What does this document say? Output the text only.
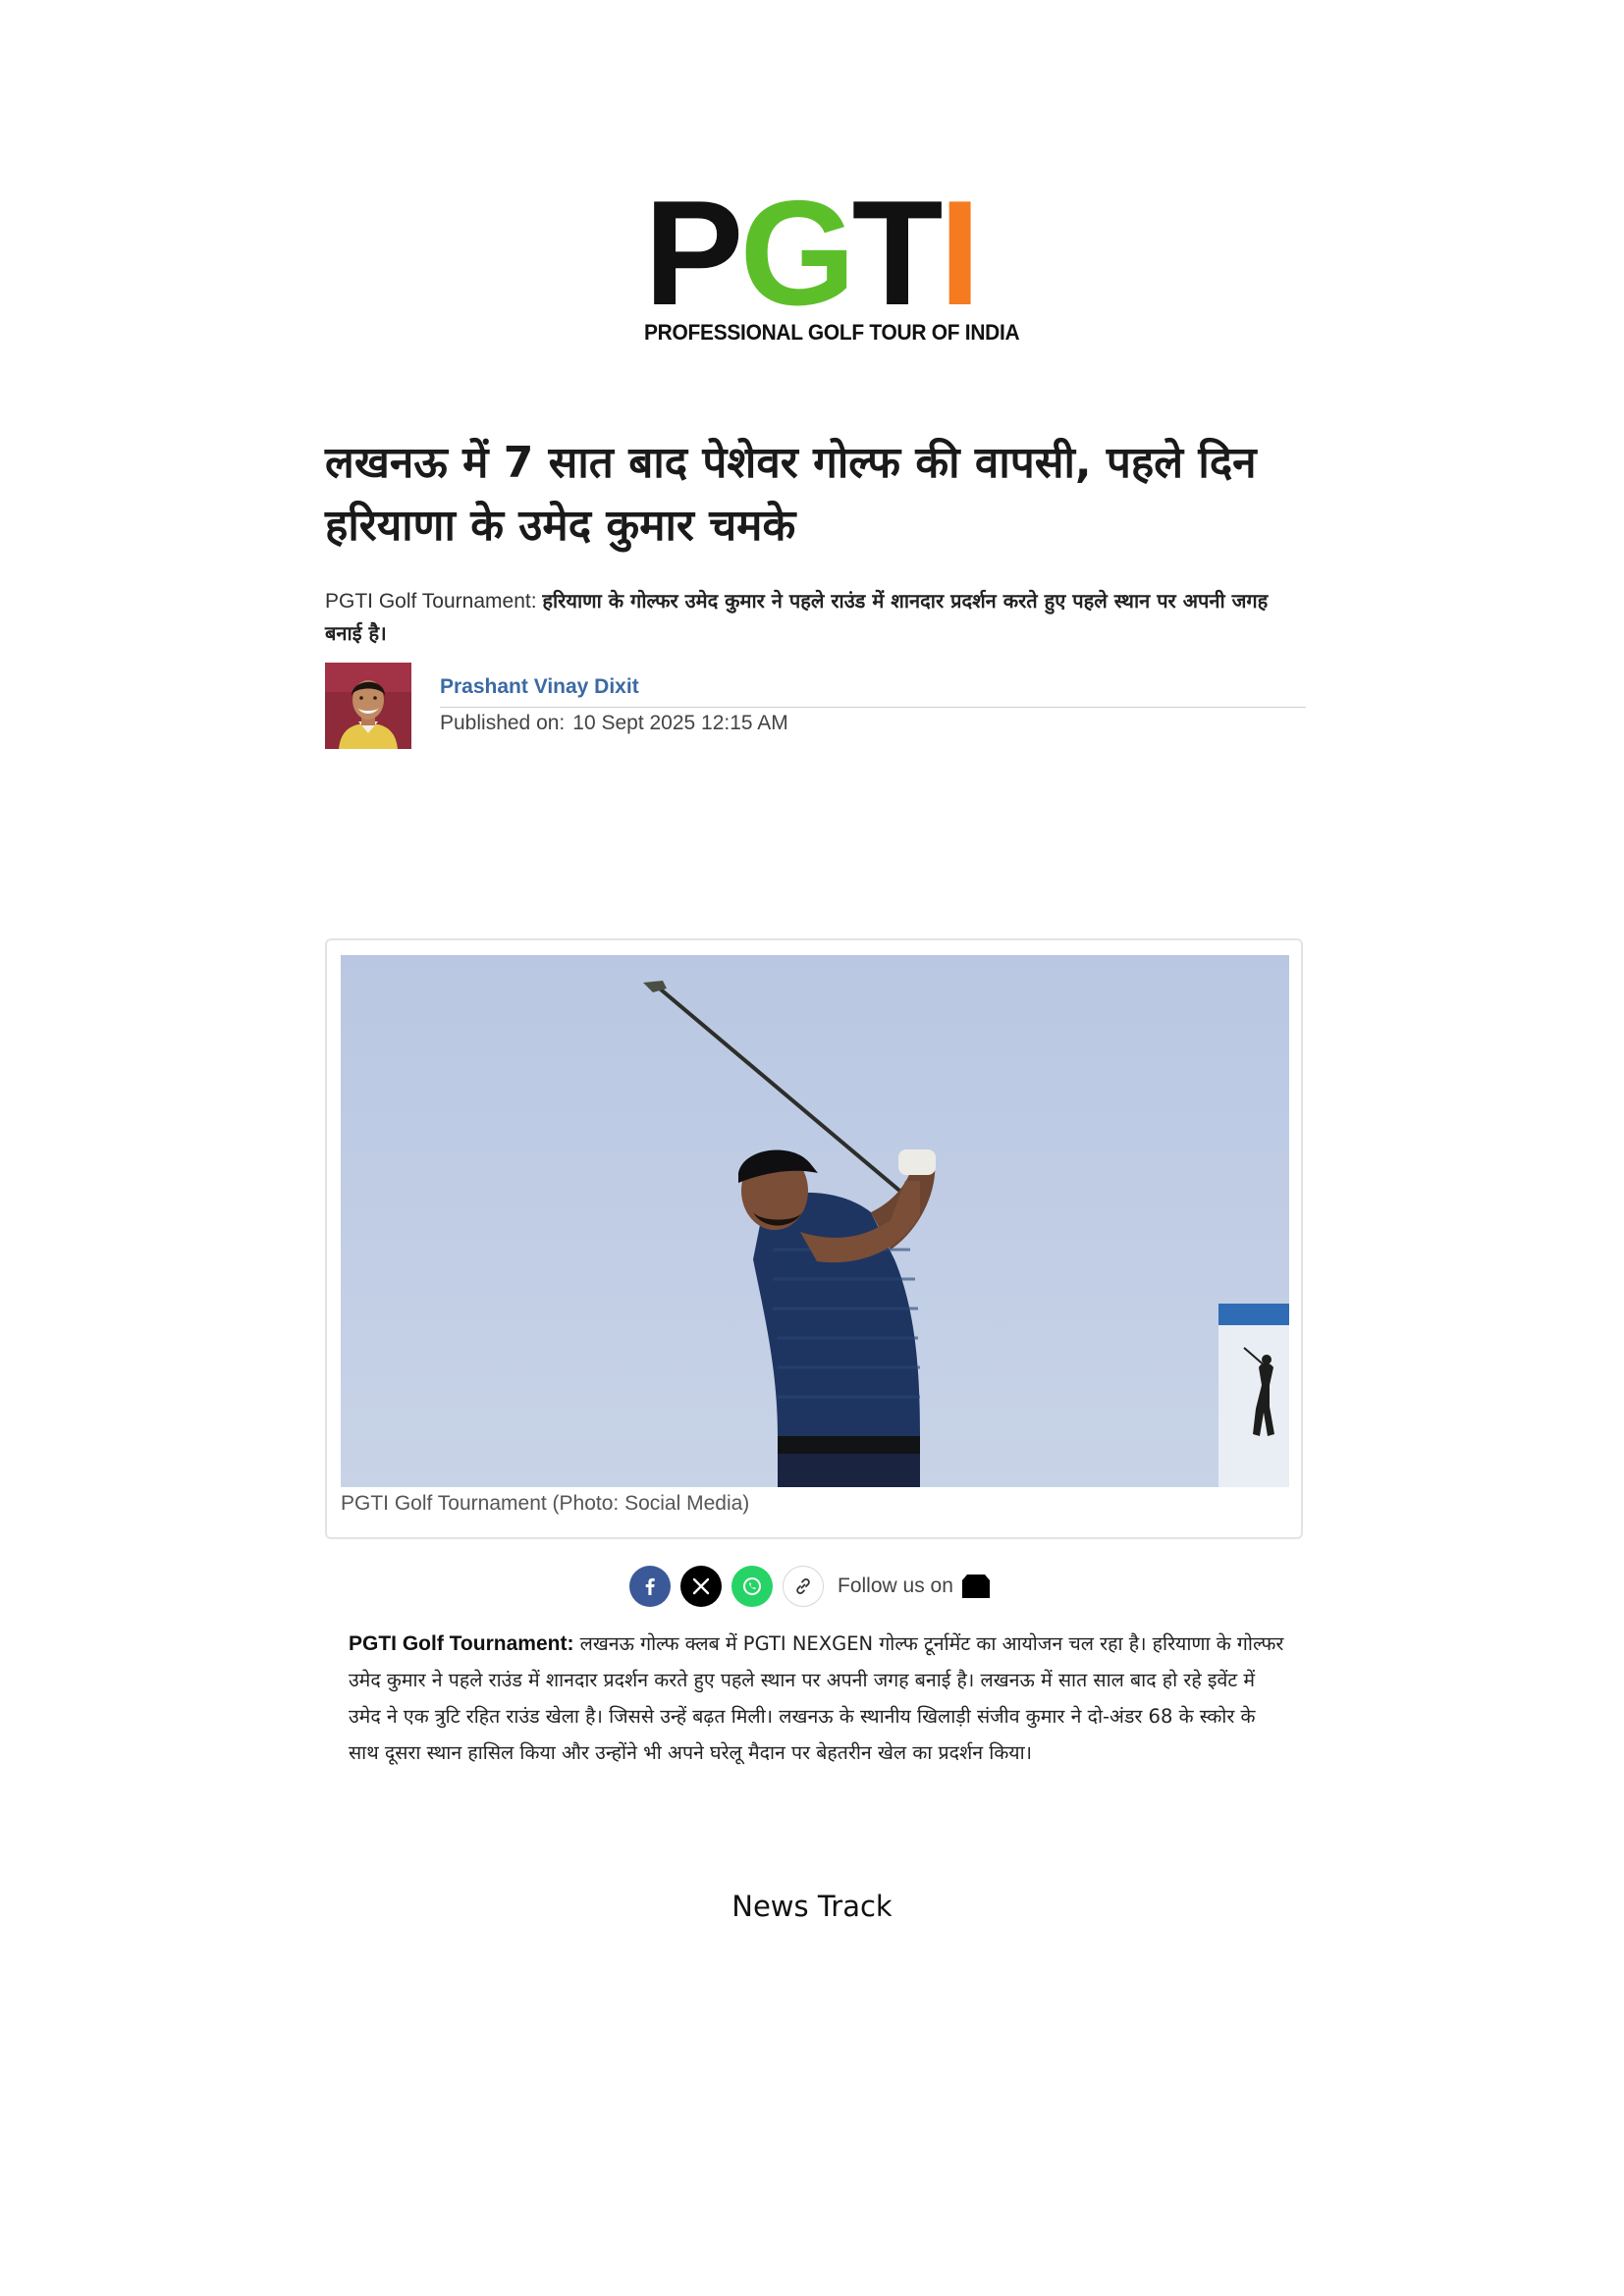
P G T I
PROFESSIONAL GOLF TOUR OF INDIA
लखनऊ में 7 सात बाद पेशेवर गोल्फ की वापसी, पहले दिन हरियाणा के उमेद कुमार चमके

PGTI Golf Tournament: हरियाणा के गोल्फर उमेद कुमार ने पहले राउंड में शानदार प्रदर्शन करते हुए पहले स्थान पर अपनी जगह बनाई है।

Prashant Vinay Dixit
Published on: 10 Sept 2025 12:15 AM
PGTI Golf Tournament (Photo: Social Media)
Follow us on

PGTI Golf Tournament: लखनऊ गोल्फ क्लब में PGTI NEXGEN गोल्फ टूर्नामेंट का आयोजन चल रहा है। हरियाणा के गोल्फर उमेद कुमार ने पहले राउंड में शानदार प्रदर्शन करते हुए पहले स्थान पर अपनी जगह बनाई है। लखनऊ में सात साल बाद हो रहे इवेंट में उमेद ने एक त्रुटि रहित राउंड खेला है। जिससे उन्हें बढ़त मिली। लखनऊ के स्थानीय खिलाड़ी संजीव कुमार ने दो-अंडर 68 के स्कोर के साथ दूसरा स्थान हासिल किया और उन्होंने भी अपने घरेलू मैदान पर बेहतरीन खेल का प्रदर्शन किया।

News Track
